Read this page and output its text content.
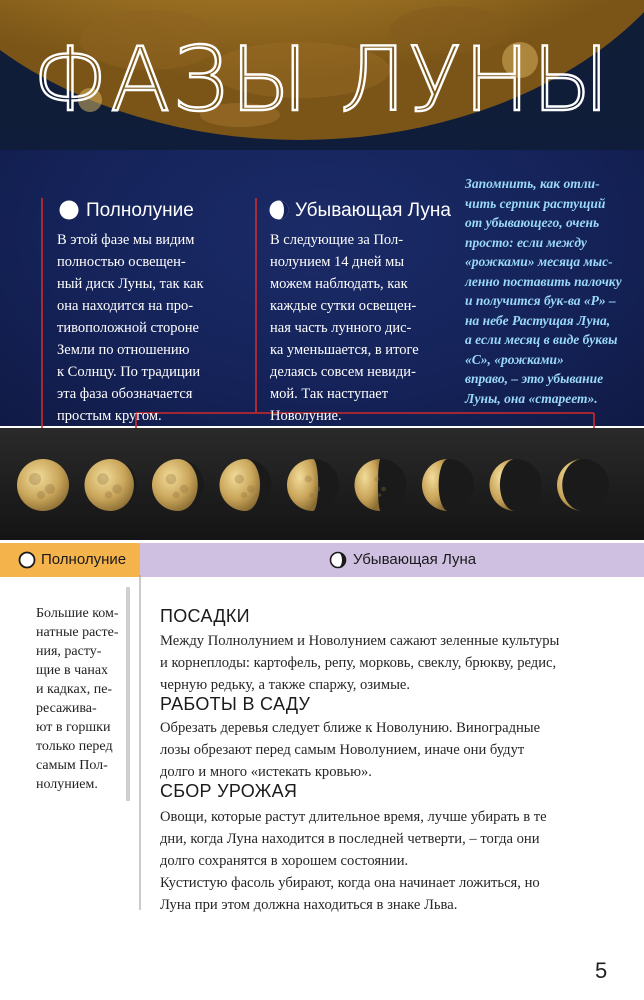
ФАЗЫ ЛУНЫ
Полнолуние
В этой фазе мы видим
полностью освещен-
ный диск Луны, так как
она находится на про-
тивоположной стороне
Земли по отношению
к Солнцу. По традиции
эта фаза обозначается
простым кругом.
Убывающая Луна
В следующие за Пол-
нолунием 14 дней мы
можем наблюдать, как
каждые сутки освещен-
ная часть лунного дис-
ка уменьшается, в итоге
делаясь совсем невиди-
мой. Так наступает
Новолуние.
Запомнить, как отли-
чить серпик растущий
от убывающего, очень
просто: если между
«рожками» месяца мыс-
ленно поставить палочку
и получится бук-ва «Р» –
на небе Растущая Луна,
а если месяц в виде буквы
«С», «рожками»
вправо, – это убывание
Луны, она «стареет».
Полнолуние	Убывающая Луна
Большие ком-
натные расте-
ния, расту-
щие в чанах
и кадках, пе-
ресажива-
ют в горшки
только перед
самым Пол-
нолунием.
ПОСАДКИ
Между Полнолунием и Новолунием сажают зеленные культуры
и корнеплоды: картофель, репу, морковь, свеклу, брюкву, редис,
черную редьку, а также спаржу, озимые.
РАБОТЫ В САДУ
Обрезать деревья следует ближе к Новолунию. Виноградные
лозы обрезают перед самым Новолунием, иначе они будут
долго и много «истекать кровью».
СБОР УРОЖАЯ
Овощи, которые растут длительное время, лучше убирать в те
дни, когда Луна находится в последней четверти, – тогда они
долго сохранятся в хорошем состоянии.
Кустистую фасоль убирают, когда она начинает ложиться, но
Луна при этом должна находиться в знаке Льва.
5
